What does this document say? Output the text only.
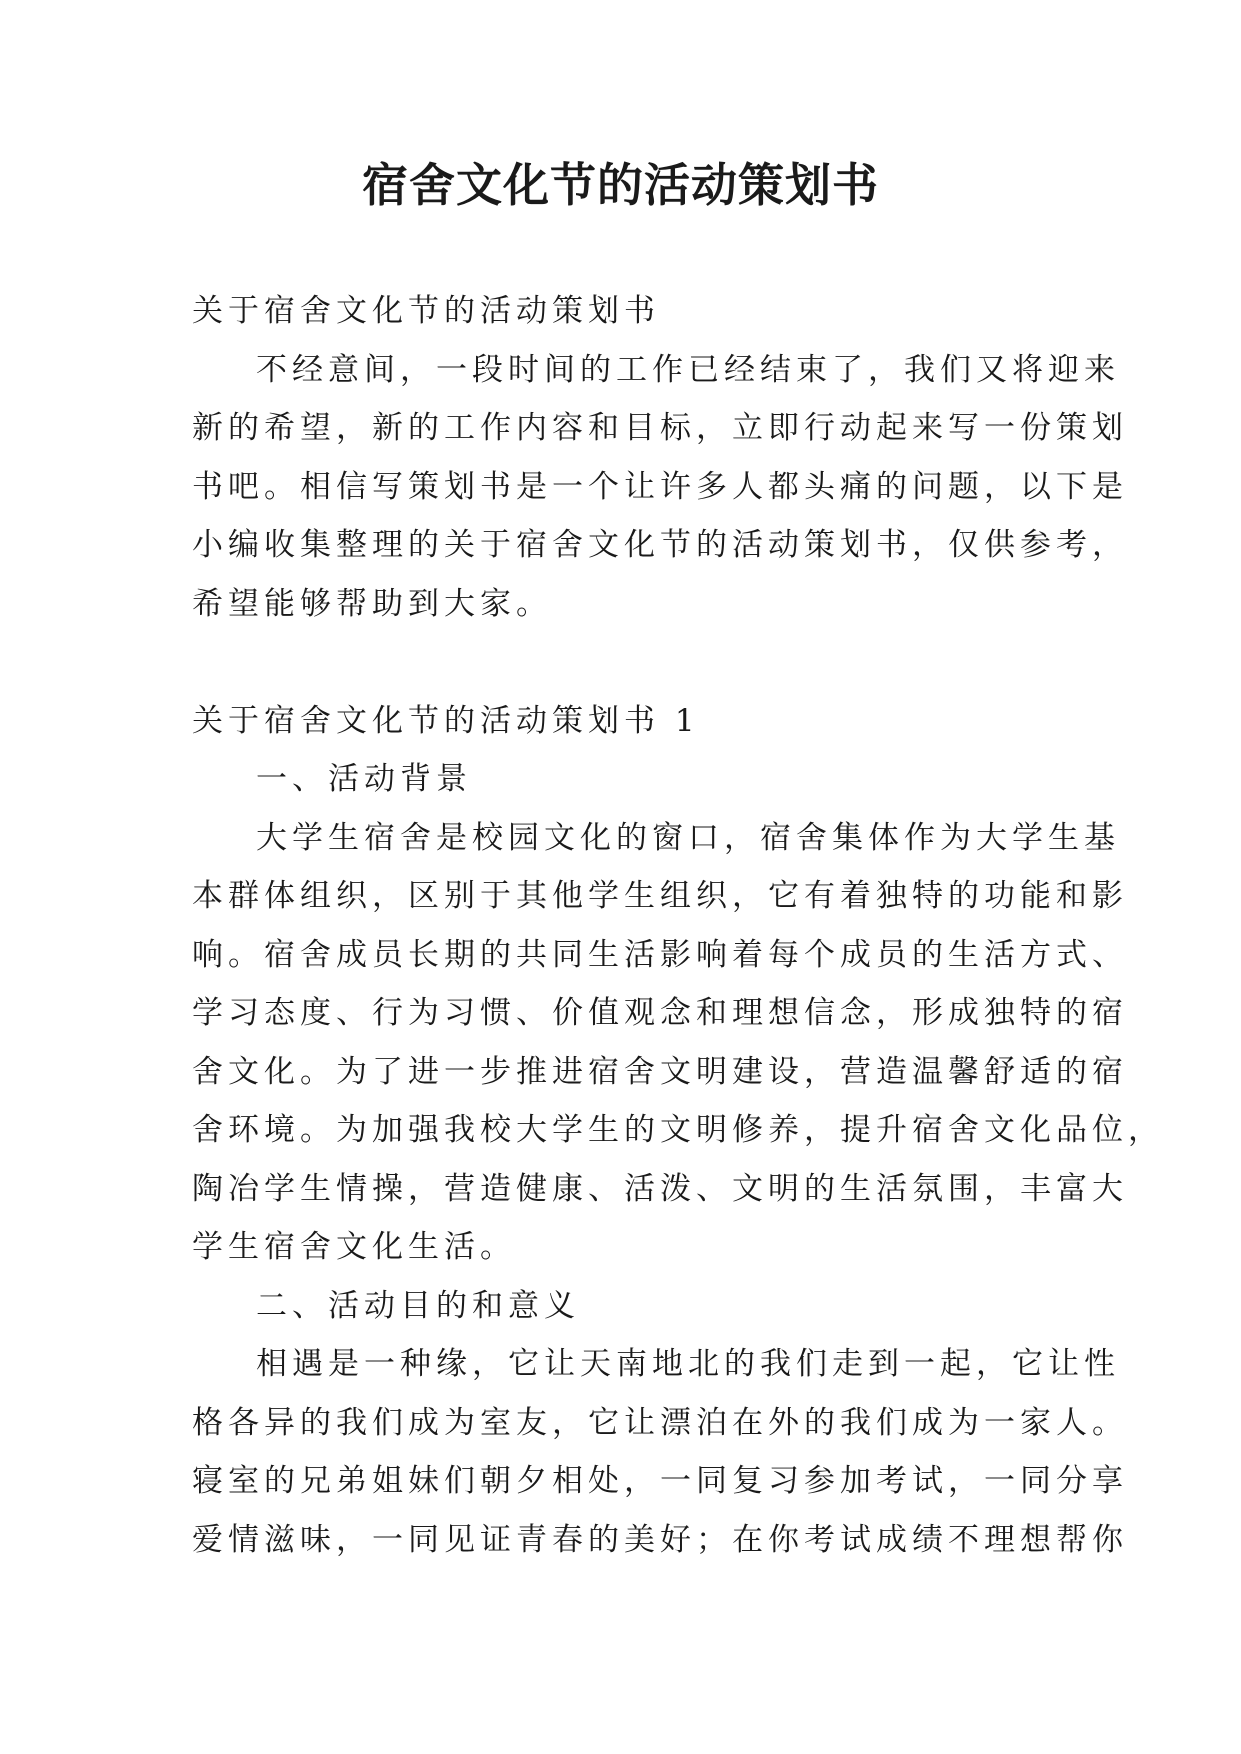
宿舍文化节的活动策划书
关于宿舍文化节的活动策划书
不经意间，一段时间的工作已经结束了，我们又将迎来
新的希望，新的工作内容和目标，立即行动起来写一份策划
书吧。相信写策划书是一个让许多人都头痛的问题，以下是
小编收集整理的关于宿舍文化节的活动策划书，仅供参考，
希望能够帮助到大家。
关于宿舍文化节的活动策划书 1
一、活动背景
大学生宿舍是校园文化的窗口，宿舍集体作为大学生基
本群体组织，区别于其他学生组织，它有着独特的功能和影
响。宿舍成员长期的共同生活影响着每个成员的生活方式、
学习态度、行为习惯、价值观念和理想信念，形成独特的宿
舍文化。为了进一步推进宿舍文明建设，营造温馨舒适的宿
舍环境。为加强我校大学生的文明修养，提升宿舍文化品位，
陶冶学生情操，营造健康、活泼、文明的生活氛围，丰富大
学生宿舍文化生活。
二、活动目的和意义
相遇是一种缘，它让天南地北的我们走到一起，它让性
格各异的我们成为室友，它让漂泊在外的我们成为一家人。
寝室的兄弟姐妹们朝夕相处，一同复习参加考试，一同分享
爱情滋味，一同见证青春的美好；在你考试成绩不理想帮你
